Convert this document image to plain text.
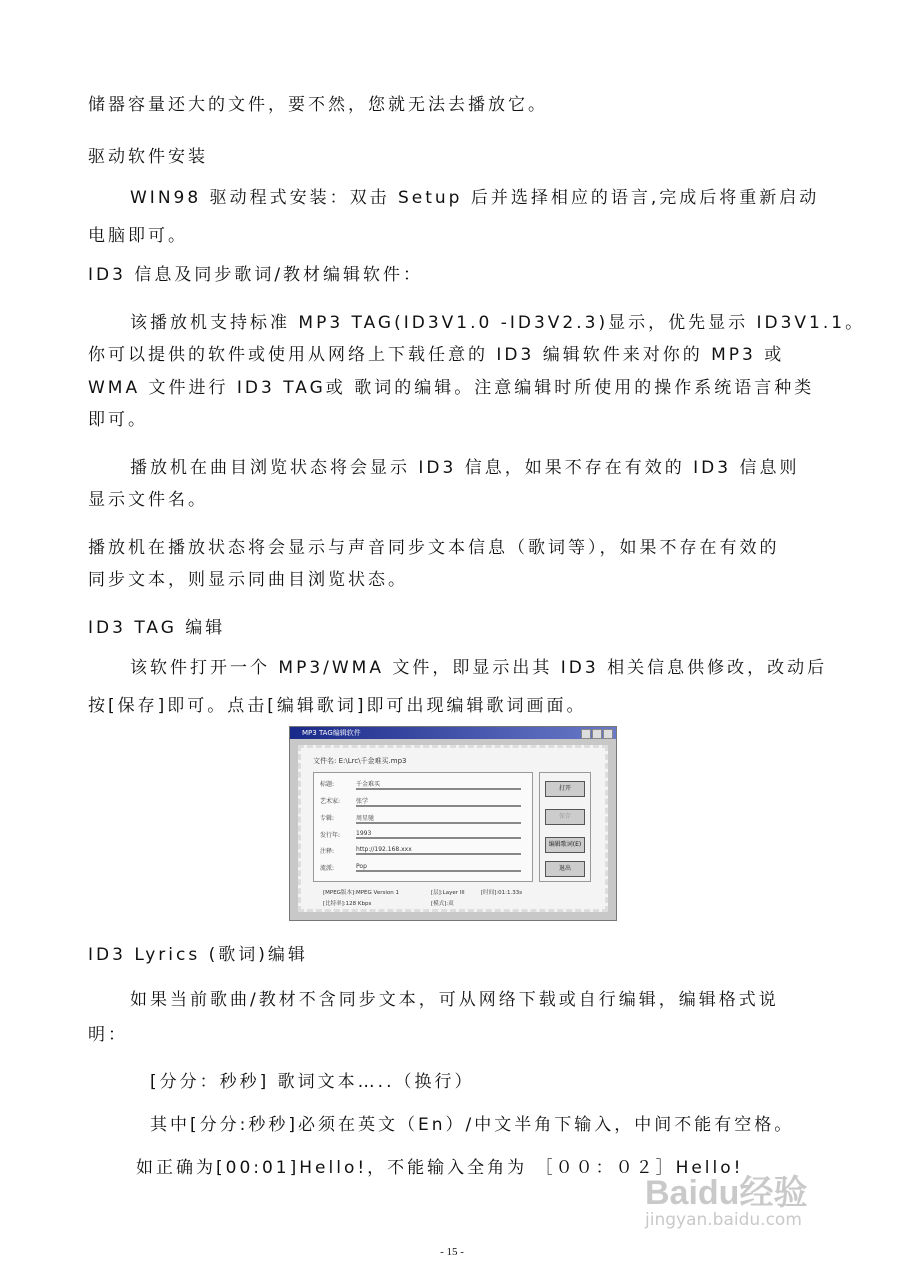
储器容量还大的文件，要不然，您就无法去播放它。
驱动软件安装
WIN98 驱动程式安装：双击 Setup 后并选择相应的语言,完成后将重新启动
电脑即可。
ID3 信息及同步歌词/教材编辑软件：
该播放机支持标准 MP3 TAG(ID3V1.0 -ID3V2.3)显示，优先显示 ID3V1.1。
你可以提供的软件或使用从网络上下载任意的 ID3 编辑软件来对你的 MP3 或
WMA 文件进行 ID3 TAG或 歌词的编辑。注意编辑时所使用的操作系统语言种类
即可。
播放机在曲目浏览状态将会显示 ID3 信息，如果不存在有效的 ID3 信息则
显示文件名。
播放机在播放状态将会显示与声音同步文本信息（歌词等），如果不存在有效的
同步文本，则显示同曲目浏览状态。
ID3 TAG 编辑
该软件打开一个 MP3/WMA 文件，即显示出其 ID3 相关信息供修改，改动后
按[保存]即可。点击[编辑歌词]即可出现编辑歌词画面。
MP3 TAG编辑软件
文件名: E:\Lrc\千金难买.mp3
标题:	千金难买
艺术家:	张学
专辑:	周星驰
发行年:	1993
注释:	http://192.168.xxx
流派:	Pop
打开
保存
编辑歌词(E)
退出
[MPEG版本]:MPEG Version 1	[层]:Layer III	[时间]:01:1.33s
[比特率]:128 Kbps	[模式]:双
ID3 Lyrics (歌词)编辑
如果当前歌曲/教材不含同步文本，可从网络下载或自行编辑，编辑格式说
明：
[分分：秒秒] 歌词文本…..（换行）
其中[分分:秒秒]必须在英文（En）/中文半角下输入，中间不能有空格。
如正确为[00:01]Hello!，不能输入全角为 ［００：０２］Hello!
Baidu经验
jingyan.baidu.com
- 15 -
